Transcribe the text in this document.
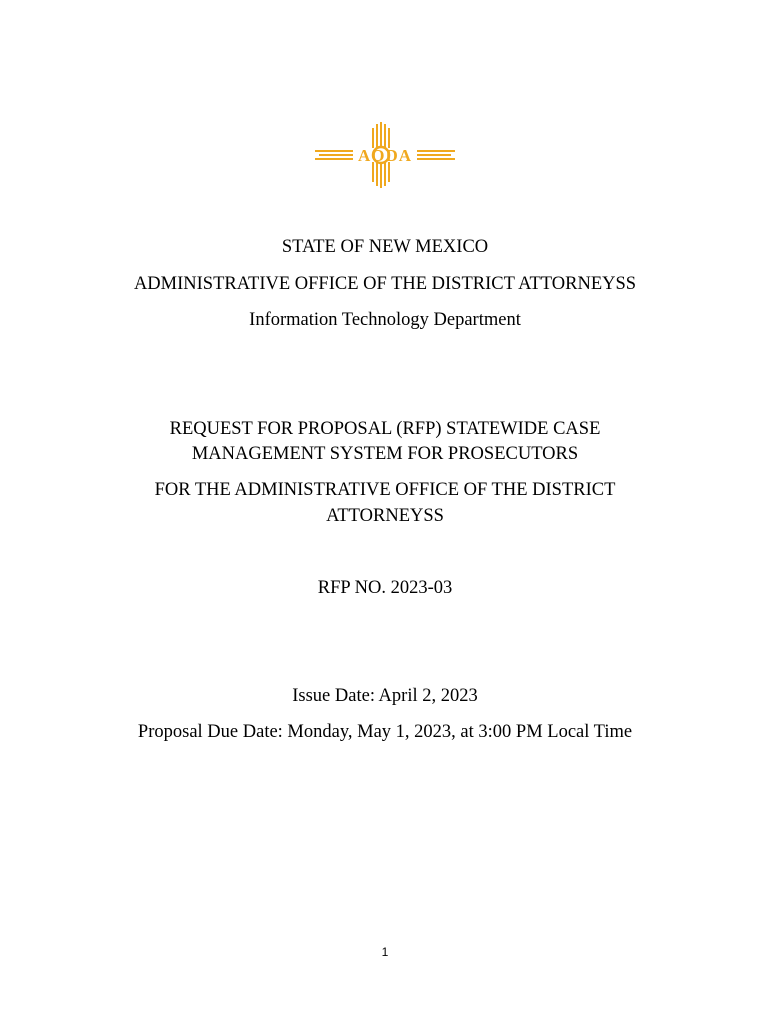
AODA
STATE OF NEW MEXICO
ADMINISTRATIVE OFFICE OF THE DISTRICT ATTORNEYSS
Information Technology Department
REQUEST FOR PROPOSAL (RFP) STATEWIDE CASE
MANAGEMENT SYSTEM FOR PROSECUTORS
FOR THE ADMINISTRATIVE OFFICE OF THE DISTRICT
ATTORNEYSS
RFP NO. 2023-03
Issue Date: April 2, 2023
Proposal Due Date: Monday, May 1, 2023, at 3:00 PM Local Time
1
